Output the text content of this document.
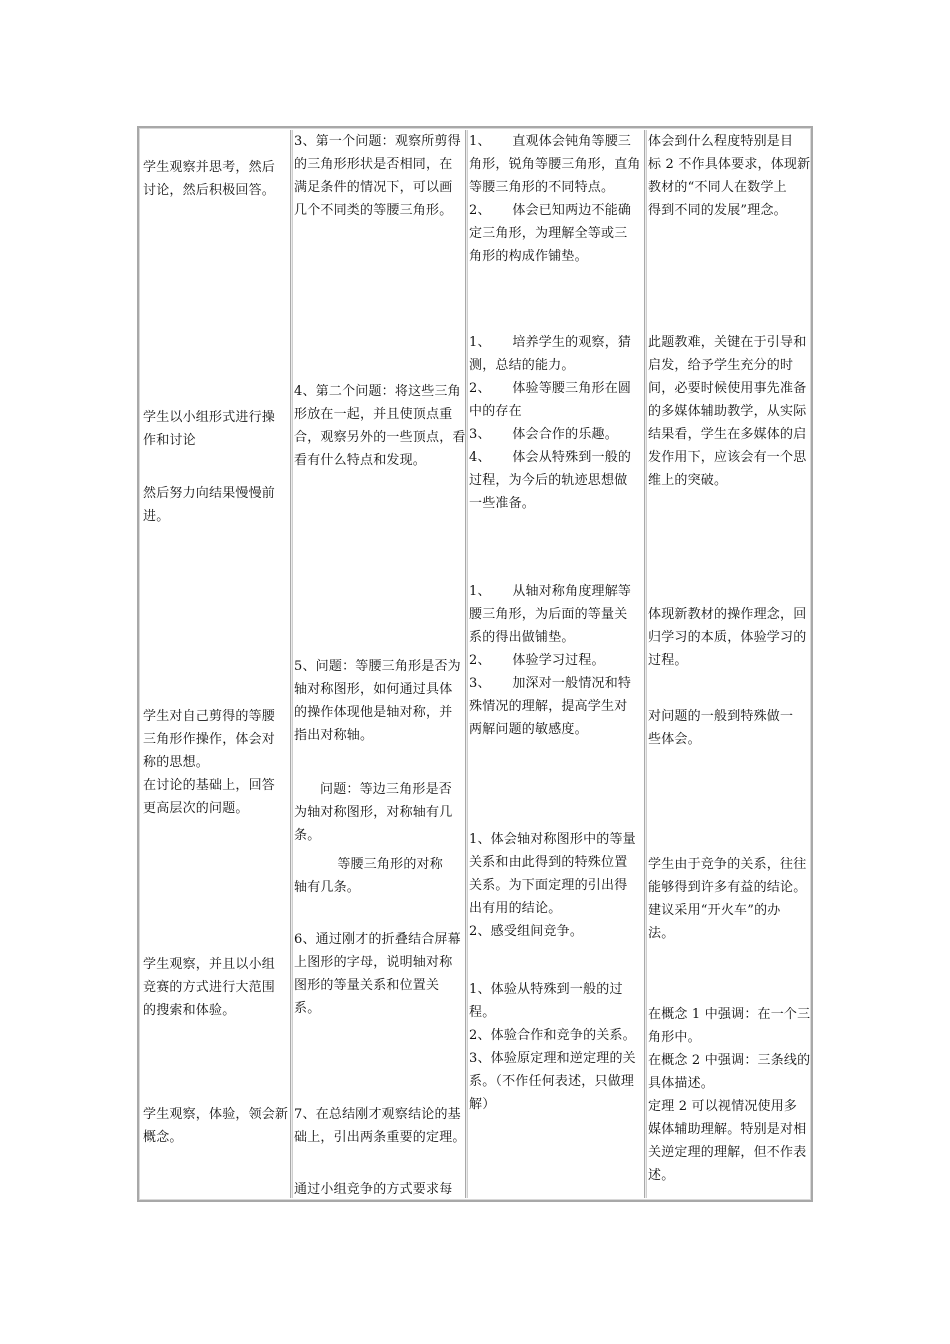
学生观察并思考，然后
讨论，然后积极回答。
学生以小组形式进行操
作和讨论
然后努力向结果慢慢前
进。
学生对自己剪得的等腰
三角形作操作，体会对
称的思想。
在讨论的基础上，回答
更高层次的问题。
学生观察，并且以小组
竞赛的方式进行大范围
的搜索和体验。
学生观察，体验，领会新
概念。
3、第一个问题：观察所剪得
的三角形形状是否相同，在
满足条件的情况下，可以画
几个不同类的等腰三角形。
4、第二个问题：将这些三角
形放在一起，并且使顶点重
合，观察另外的一些顶点，看
看有什么特点和发现。
5、问题：等腰三角形是否为
轴对称图形，如何通过具体
的操作体现他是轴对称，并
指出对称轴。
问题：等边三角形是否
为轴对称图形，对称轴有几
条。
等腰三角形的对称
轴有几条。
6、通过刚才的折叠结合屏幕
上图形的字母，说明轴对称
图形的等量关系和位置关
系。
7、在总结刚才观察结论的基
础上，引出两条重要的定理。
通过小组竞争的方式要求每
1、     直观体会钝角等腰三
角形，锐角等腰三角形，直角
等腰三角形的不同特点。
2、     体会已知两边不能确
定三角形，为理解全等或三
角形的构成作铺垫。
1、     培养学生的观察，猜
测，总结的能力。
2、     体验等腰三角形在圆
中的存在
3、     体会合作的乐趣。
4、     体会从特殊到一般的
过程，为今后的轨迹思想做
一些准备。
1、     从轴对称角度理解等
腰三角形，为后面的等量关
系的得出做铺垫。
2、     体验学习过程。
3、     加深对一般情况和特
殊情况的理解，提高学生对
两解问题的敏感度。
1、体会轴对称图形中的等量
关系和由此得到的特殊位置
关系。为下面定理的引出得
出有用的结论。
2、感受组间竞争。
1、体验从特殊到一般的过
程。
2、体验合作和竞争的关系。
3、体验原定理和逆定理的关
系。（不作任何表述，只做理
解）
体会到什么程度特别是目
标 2 不作具体要求，体现新
教材的“不同人在数学上
得到不同的发展”理念。
此题教难，关键在于引导和
启发，给予学生充分的时
间，必要时候使用事先准备
的多媒体辅助教学，从实际
结果看，学生在多媒体的启
发作用下，应该会有一个思
维上的突破。
体现新教材的操作理念，回
归学习的本质，体验学习的
过程。
对问题的一般到特殊做一
些体会。
学生由于竞争的关系，往往
能够得到许多有益的结论。
建议采用“开火车”的办
法。
在概念 1 中强调：在一个三
角形中。
在概念 2 中强调：三条线的
具体描述。
定理 2 可以视情况使用多
媒体辅助理解。特别是对相
关逆定理的理解，但不作表
述。
